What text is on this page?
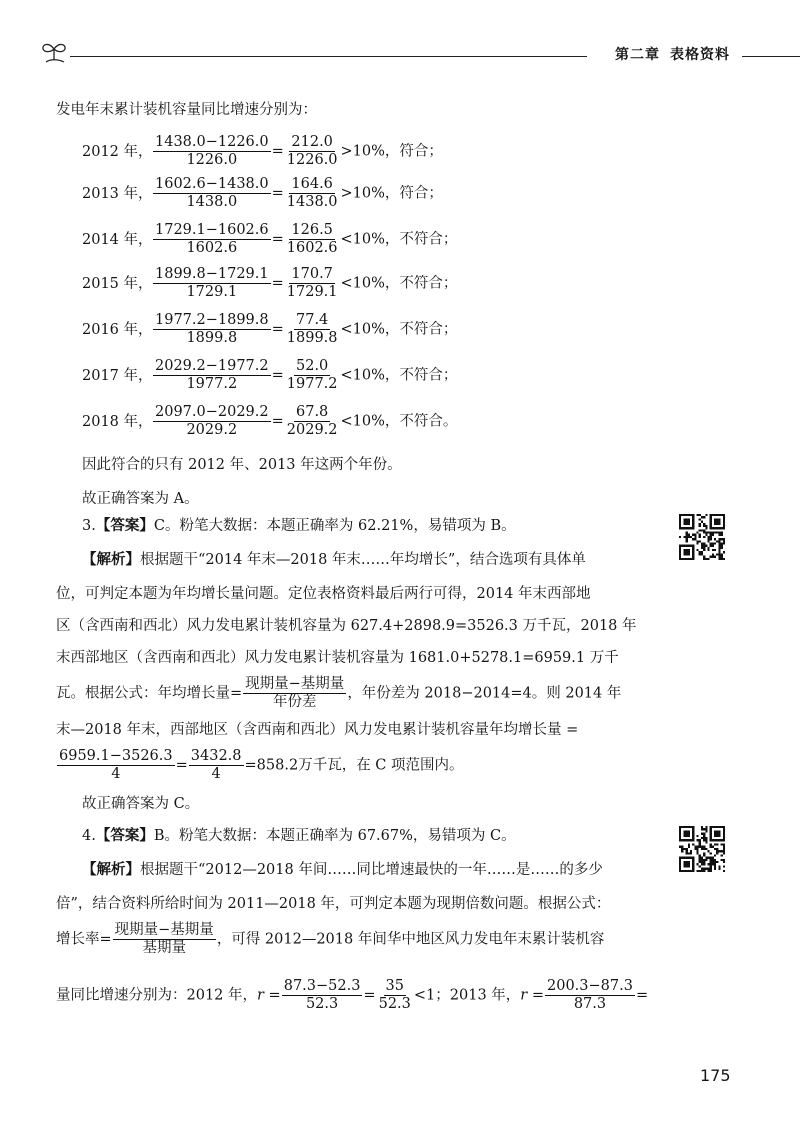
第二章 表格资料
发电年末累计装机容量同比增速分别为：
2012 年， $\frac{1438.0-1226.0}{1226.0} = \frac{212.0}{1226.0} >10\%$，符合；
2013 年， $\frac{1602.6-1438.0}{1438.0} = \frac{164.6}{1438.0} >10\%$，符合；
2014 年， $\frac{1729.1-1602.6}{1602.6} = \frac{126.5}{1602.6} <10\%$，不符合；
2015 年， $\frac{1899.8-1729.1}{1729.1} = \frac{170.7}{1729.1} <10\%$，不符合；
2016 年， $\frac{1977.2-1899.8}{1899.8} = \frac{77.4}{1899.8} <10\%$，不符合；
2017 年， $\frac{2029.2-1977.2}{1977.2} = \frac{52.0}{1977.2} <10\%$，不符合；
2018 年， $\frac{2097.0-2029.2}{2029.2} = \frac{67.8}{2029.2} <10\%$，不符合。
因此符合的只有 2012 年、2013 年这两个年份。
故正确答案为 A。
3.【答案】C。粉笔大数据：本题正确率为 62.21%，易错项为 B。
【解析】根据题干“2014 年末—2018 年末……年均增长”，结合选项有具体单
位，可判定本题为年均增长量问题。定位表格资料最后两行可得，2014 年末西部地
区（含西南和西北）风力发电累计装机容量为 627.4+2898.9=3526.3 万千瓦，2018 年
末西部地区（含西南和西北）风力发电累计装机容量为 1681.0+5278.1=6959.1 万千
瓦。根据公式：年均增长量= $\frac{\text{现期量−基期量}}{\text{年份差}}$ ，年份差为 2018−2014=4。则 2014 年
末—2018 年末，西部地区（含西南和西北）风力发电累计装机容量年均增长量 =
$\frac{6959.1-3526.3}{4} = \frac{3432.8}{4} =858.2$万千瓦，在 C 项范围内。
故正确答案为 C。
4.【答案】B。粉笔大数据：本题正确率为 67.67%，易错项为 C。
【解析】根据题干“2012—2018 年间……同比增速最快的一年……是……的多少
倍”，结合资料所给时间为 2011—2018 年，可判定本题为现期倍数问题。根据公式：
增长率= $\frac{\text{现期量−基期量}}{\text{基期量}}$ ，可得 2012—2018 年间华中地区风力发电年末累计装机容
量同比增速分别为：2012 年，$r = \frac{87.3-52.3}{52.3} = \frac{35}{52.3} <1$；2013 年，$r = \frac{200.3-87.3}{87.3}$ =
175
